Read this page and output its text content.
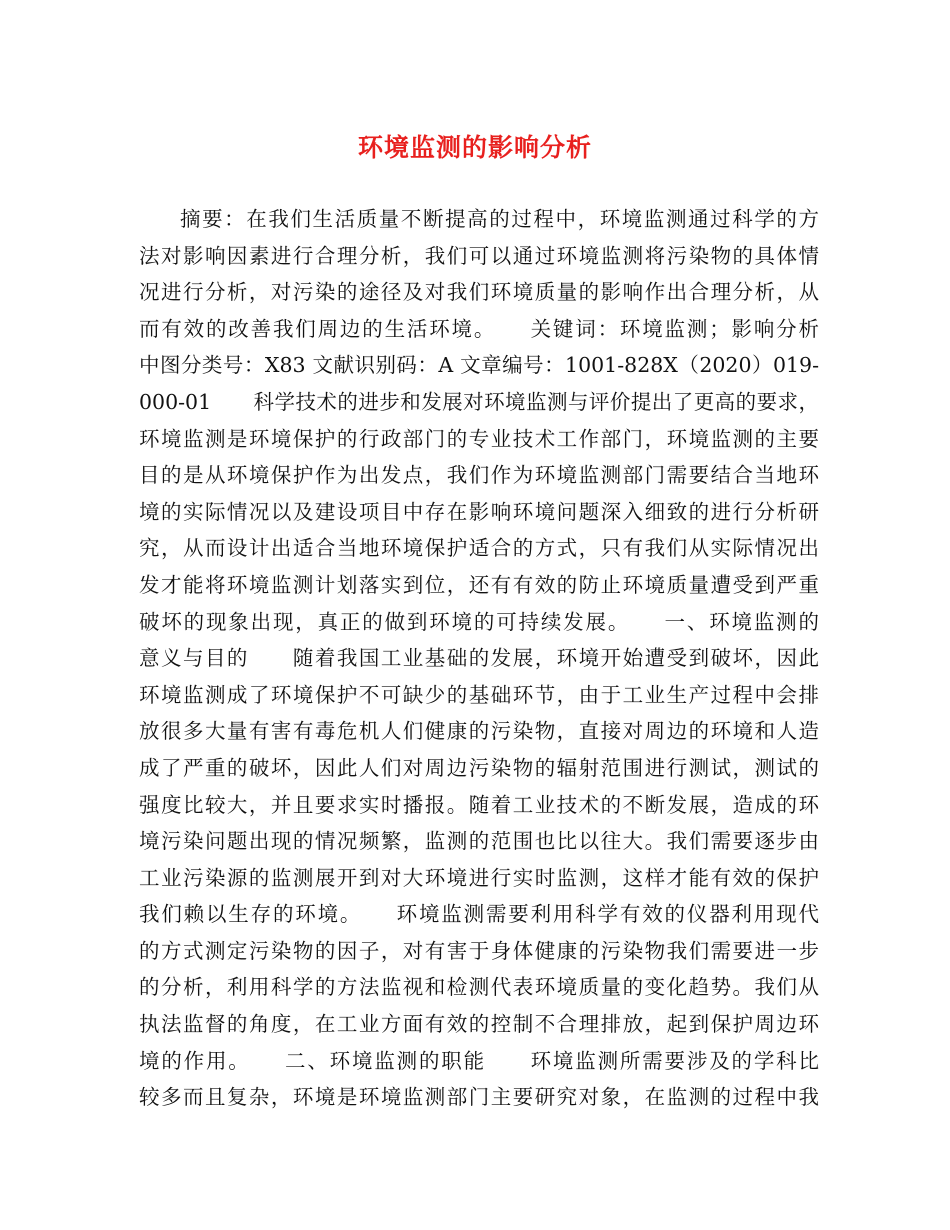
环境监测的影响分析
摘要：在我们生活质量不断提高的过程中，环境监测通过科学的方
法对影响因素进行合理分析，我们可以通过环境监测将污染物的具体情
况进行分析，对污染的途径及对我们环境质量的影响作出合理分析，从
而有效的改善我们周边的生活环境。　　关键词：环境监测；影响分析
中图分类号：X83 文献识别码：A 文章编号：1001-828X（2020）019-
000-01　　科学技术的进步和发展对环境监测与评价提出了更高的要求，
环境监测是环境保护的行政部门的专业技术工作部门，环境监测的主要
目的是从环境保护作为出发点，我们作为环境监测部门需要结合当地环
境的实际情况以及建设项目中存在影响环境问题深入细致的进行分析研
究，从而设计出适合当地环境保护适合的方式，只有我们从实际情况出
发才能将环境监测计划落实到位，还有有效的防止环境质量遭受到严重
破坏的现象出现，真正的做到环境的可持续发展。　　一、环境监测的
意义与目的　　随着我国工业基础的发展，环境开始遭受到破坏，因此
环境监测成了环境保护不可缺少的基础环节，由于工业生产过程中会排
放很多大量有害有毒危机人们健康的污染物，直接对周边的环境和人造
成了严重的破坏，因此人们对周边污染物的辐射范围进行测试，测试的
强度比较大，并且要求实时播报。随着工业技术的不断发展，造成的环
境污染问题出现的情况频繁，监测的范围也比以往大。我们需要逐步由
工业污染源的监测展开到对大环境进行实时监测，这样才能有效的保护
我们赖以生存的环境。　　环境监测需要利用科学有效的仪器利用现代
的方式测定污染物的因子，对有害于身体健康的污染物我们需要进一步
的分析，利用科学的方法监视和检测代表环境质量的变化趋势。我们从
执法监督的角度，在工业方面有效的控制不合理排放，起到保护周边环
境的作用。　　二、环境监测的职能　　环境监测所需要涉及的学科比
较多而且复杂，环境是环境监测部门主要研究对象，在监测的过程中我
